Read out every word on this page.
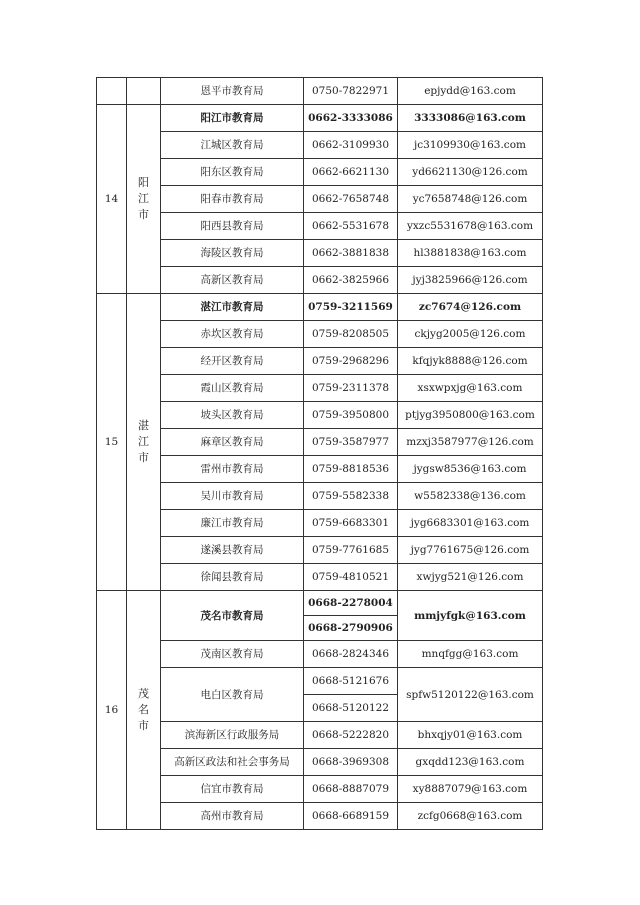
		恩平市教育局	0750-7822971	epjydd@163.com
14	阳江市	阳江市教育局	0662-3333086	3333086@163.com
		江城区教育局	0662-3109930	jc3109930@163.com
		阳东区教育局	0662-6621130	yd6621130@126.com
		阳春市教育局	0662-7658748	yc7658748@126.com
		阳西县教育局	0662-5531678	yxzc5531678@163.com
		海陵区教育局	0662-3881838	hl3881838@163.com
		高新区教育局	0662-3825966	jyj3825966@126.com
15	湛江市	湛江市教育局	0759-3211569	zc7674@126.com
		赤坎区教育局	0759-8208505	ckjyg2005@126.com
		经开区教育局	0759-2968296	kfqjyk8888@126.com
		霞山区教育局	0759-2311378	xsxwpxjg@163.com
		坡头区教育局	0759-3950800	ptjyg3950800@163.com
		麻章区教育局	0759-3587977	mzxj3587977@126.com
		雷州市教育局	0759-8818536	jygsw8536@163.com
		吴川市教育局	0759-5582338	w5582338@136.com
		廉江市教育局	0759-6683301	jyg6683301@163.com
		遂溪县教育局	0759-7761685	jyg7761675@126.com
		徐闻县教育局	0759-4810521	xwjyg521@126.com
16	茂名市	茂名市教育局	0668-2278004	mmjyfgk@163.com
			0668-2790906	
		茂南区教育局	0668-2824346	mnqfgg@163.com
		电白区教育局	0668-5121676	spfw5120122@163.com
			0668-5120122	
		滨海新区行政服务局	0668-5222820	bhxqjy01@163.com
		高新区政法和社会事务局	0668-3969308	gxqdd123@163.com
		信宜市教育局	0668-8887079	xy8887079@163.com
		高州市教育局	0668-6689159	zcfg0668@163.com
